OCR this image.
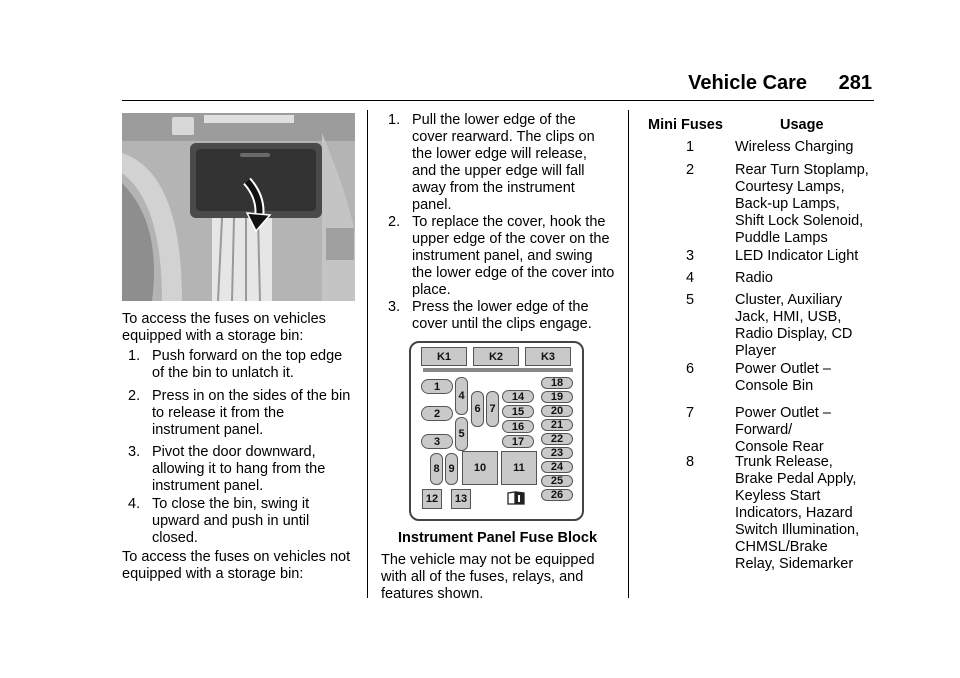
Vehicle Care 281
To access the fuses on vehicles
equipped with a storage bin:
1. Push forward on the top edge
of the bin to unlatch it.
2. Press in on the sides of the bin
to release it from the
instrument panel.
3. Pivot the door downward,
allowing it to hang from the
instrument panel.
4. To close the bin, swing it
upward and push in until
closed.
To access the fuses on vehicles not
equipped with a storage bin:
1. Pull the lower edge of the
cover rearward. The clips on
the lower edge will release,
and the upper edge will fall
away from the instrument
panel.
2. To replace the cover, hook the
upper edge of the cover on the
instrument panel, and swing
the lower edge of the cover into
place.
3. Press the lower edge of the
cover until the clips engage.
K1	K2	K3
1
2
3
4
5
6 7
8 9
14
15
16
17
10	11
18
19
20
21
22
23
24
25
26
12	13
Instrument Panel Fuse Block
The vehicle may not be equipped
with all of the fuses, relays, and
features shown.
Mini Fuses	Usage
1	Wireless Charging
2	Rear Turn Stoplamp,
Courtesy Lamps,
Back-up Lamps,
Shift Lock Solenoid,
Puddle Lamps
3	LED Indicator Light
4	Radio
5	Cluster, Auxiliary
Jack, HMI, USB,
Radio Display, CD
Player
6	Power Outlet –
Console Bin
7	Power Outlet –
Forward/
Console Rear
8	Trunk Release,
Brake Pedal Apply,
Keyless Start
Indicators, Hazard
Switch Illumination,
CHMSL/Brake
Relay, Sidemarker
